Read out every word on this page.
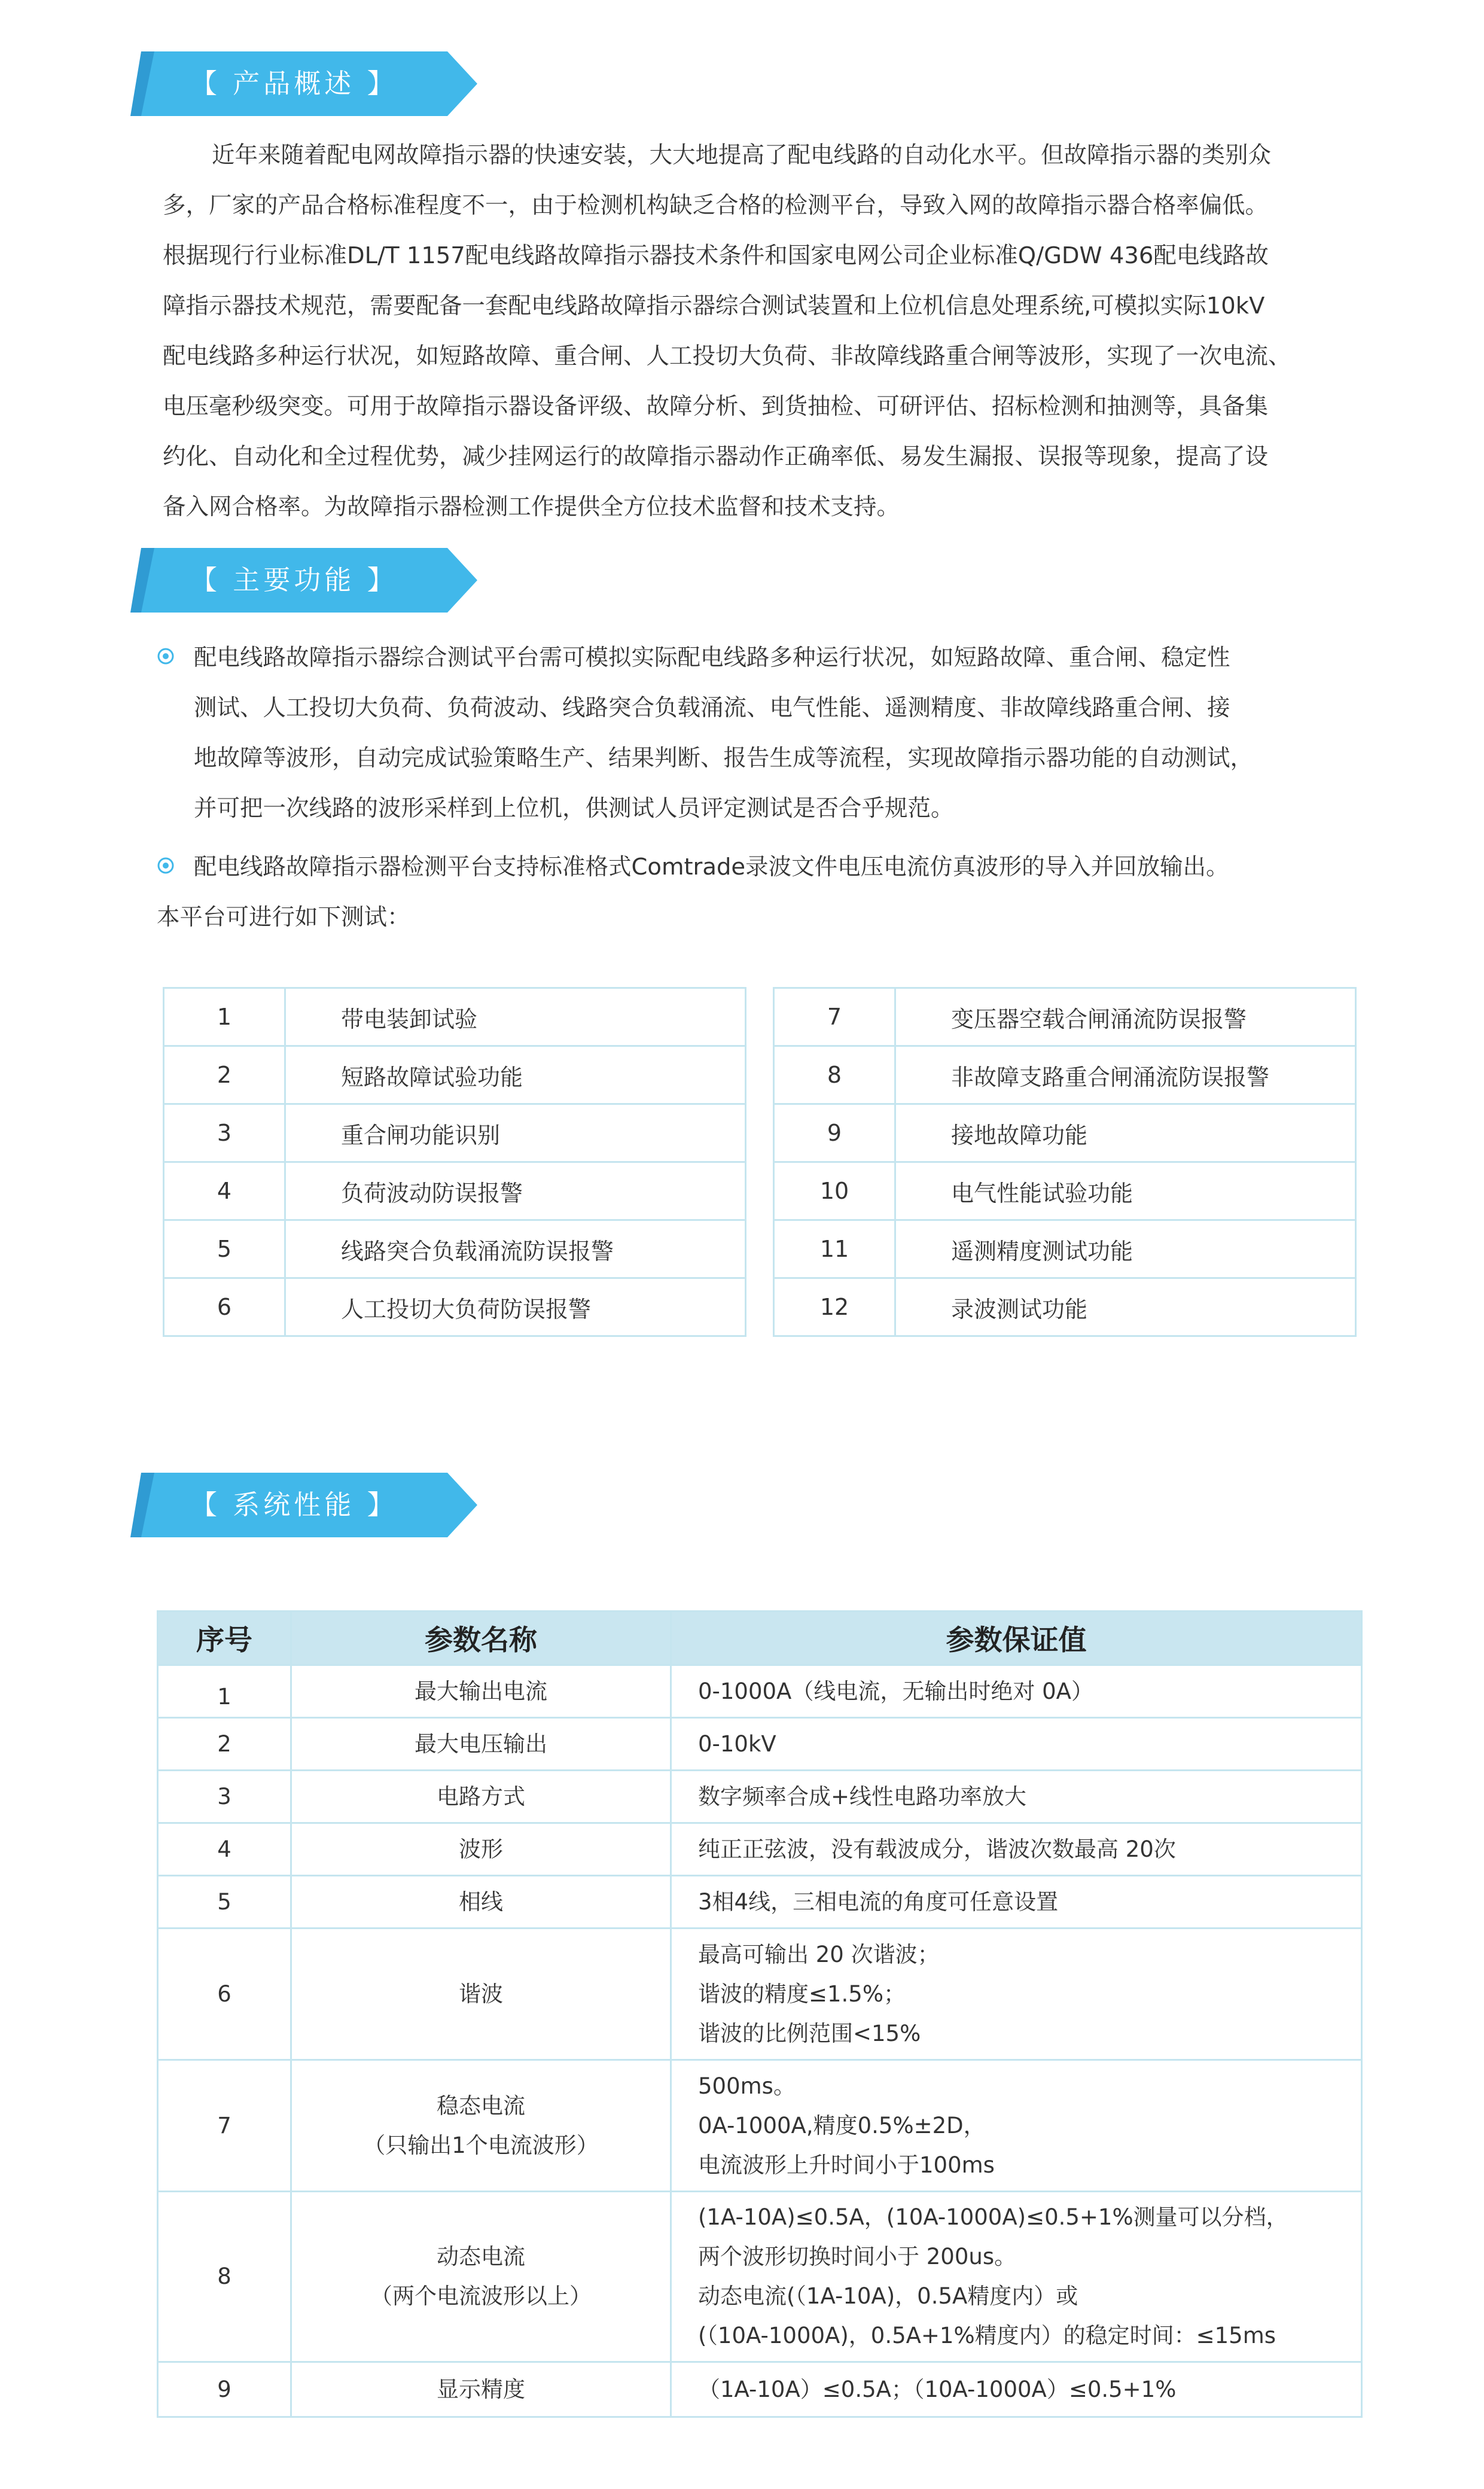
【 产品概述 】
近年来随着配电网故障指示器的快速安装，大大地提高了配电线路的自动化水平。但故障指示器的类别众
多，厂家的产品合格标准程度不一，由于检测机构缺乏合格的检测平台，导致入网的故障指示器合格率偏低。
根据现行行业标准DL/T 1157配电线路故障指示器技术条件和国家电网公司企业标准Q/GDW 436配电线路故
障指示器技术规范，需要配备一套配电线路故障指示器综合测试装置和上位机信息处理系统,可模拟实际10kV
配电线路多种运行状况，如短路故障、重合闸、人工投切大负荷、非故障线路重合闸等波形，实现了一次电流、
电压毫秒级突变。可用于故障指示器设备评级、故障分析、到货抽检、可研评估、招标检测和抽测等，具备集
约化、自动化和全过程优势，减少挂网运行的故障指示器动作正确率低、易发生漏报、误报等现象，提高了设
备入网合格率。为故障指示器检测工作提供全方位技术监督和技术支持。
【 主要功能 】
配电线路故障指示器综合测试平台需可模拟实际配电线路多种运行状况，如短路故障、重合闸、稳定性
测试、人工投切大负荷、负荷波动、线路突合负载涌流、电气性能、遥测精度、非故障线路重合闸、接
地故障等波形，自动完成试验策略生产、结果判断、报告生成等流程，实现故障指示器功能的自动测试，
并可把一次线路的波形采样到上位机，供测试人员评定测试是否合乎规范。
配电线路故障指示器检测平台支持标准格式Comtrade录波文件电压电流仿真波形的导入并回放输出。
本平台可进行如下测试：
1	带电装卸试验
2	短路故障试验功能
3	重合闸功能识别
4	负荷波动防误报警
5	线路突合负载涌流防误报警
6	人工投切大负荷防误报警
7	变压器空载合闸涌流防误报警
8	非故障支路重合闸涌流防误报警
9	接地故障功能
10	电气性能试验功能
11	遥测精度测试功能
12	录波测试功能
【 系统性能 】
序号	参数名称	参数保证值
1	最大输出电流	0-1000A（线电流，无输出时绝对 0A）

2	最大电压输出	0-10kV

3	电路方式	数字频率合成+线性电路功率放大

4	波形	纯正正弦波，没有载波成分，谐波次数最高 20次

5	相线	3相4线，三相电流的角度可任意设置

6	谐波	最高可输出 20 次谐波；
谐波的精度≤1.5%；
谐波的比例范围<15%

7	稳态电流
（只输出1个电流波形）	500ms。
0A-1000A,精度0.5%±2D，
电流波形上升时间小于100ms

8	动态电流
（两个电流波形以上）	(1A-10A)≤0.5A，(10A-1000A)≤0.5+1%测量可以分档，
两个波形切换时间小于 200us。
动态电流(（1A-10A)，0.5A精度内）或
(（10A-1000A)，0.5A+1%精度内）的稳定时间：≤15ms

9	显示精度	（1A-10A）≤0.5A；（10A-1000A）≤0.5+1%
